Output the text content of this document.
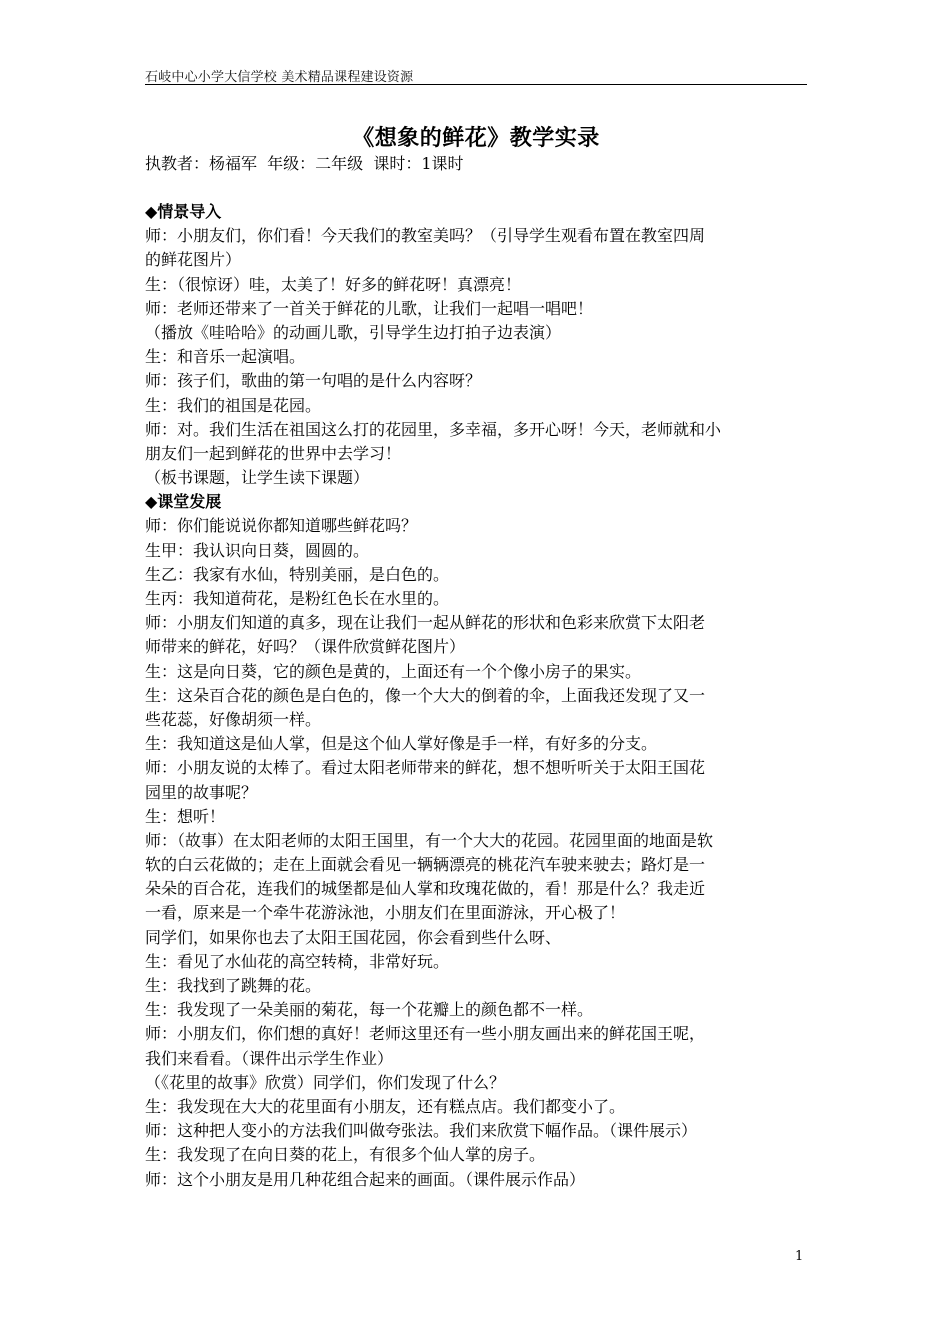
石岐中心小学大信学校 美术精品课程建设资源
《想象的鲜花》教学实录
执教者：杨福军  年级：二年级  课时：1课时
◆情景导入
师：小朋友们，你们看！今天我们的教室美吗？（引导学生观看布置在教室四周
的鲜花图片）
生：（很惊讶）哇，太美了！好多的鲜花呀！真漂亮！
师：老师还带来了一首关于鲜花的儿歌，让我们一起唱一唱吧！
（播放《哇哈哈》的动画儿歌，引导学生边打拍子边表演）
生：和音乐一起演唱。
师：孩子们，歌曲的第一句唱的是什么内容呀？
生：我们的祖国是花园。
师：对。我们生活在祖国这么打的花园里，多幸福，多开心呀！今天，老师就和小
朋友们一起到鲜花的世界中去学习！
（板书课题，让学生读下课题）
◆课堂发展
师：你们能说说你都知道哪些鲜花吗？
生甲：我认识向日葵，圆圆的。
生乙：我家有水仙，特别美丽，是白色的。
生丙：我知道荷花，是粉红色长在水里的。
师：小朋友们知道的真多，现在让我们一起从鲜花的形状和色彩来欣赏下太阳老
师带来的鲜花，好吗？（课件欣赏鲜花图片）
生：这是向日葵，它的颜色是黄的，上面还有一个个像小房子的果实。
生：这朵百合花的颜色是白色的，像一个大大的倒着的伞，上面我还发现了又一
些花蕊，好像胡须一样。
生：我知道这是仙人掌，但是这个仙人掌好像是手一样，有好多的分支。
师：小朋友说的太棒了。看过太阳老师带来的鲜花，想不想听听关于太阳王国花
园里的故事呢？
生：想听！
师：（故事）在太阳老师的太阳王国里，有一个大大的花园。花园里面的地面是软
软的白云花做的；走在上面就会看见一辆辆漂亮的桃花汽车驶来驶去；路灯是一
朵朵的百合花，连我们的城堡都是仙人掌和玫瑰花做的，看！那是什么？我走近
一看，原来是一个牵牛花游泳池，小朋友们在里面游泳，开心极了！
同学们，如果你也去了太阳王国花园，你会看到些什么呀、
生：看见了水仙花的高空转椅，非常好玩。
生：我找到了跳舞的花。
生：我发现了一朵美丽的菊花，每一个花瓣上的颜色都不一样。
师：小朋友们，你们想的真好！老师这里还有一些小朋友画出来的鲜花国王呢，
我们来看看。（课件出示学生作业）
（《花里的故事》欣赏）同学们，你们发现了什么？
生：我发现在大大的花里面有小朋友，还有糕点店。我们都变小了。
师：这种把人变小的方法我们叫做夸张法。我们来欣赏下幅作品。（课件展示）
生：我发现了在向日葵的花上，有很多个仙人掌的房子。
师：这个小朋友是用几种花组合起来的画面。（课件展示作品）
1
